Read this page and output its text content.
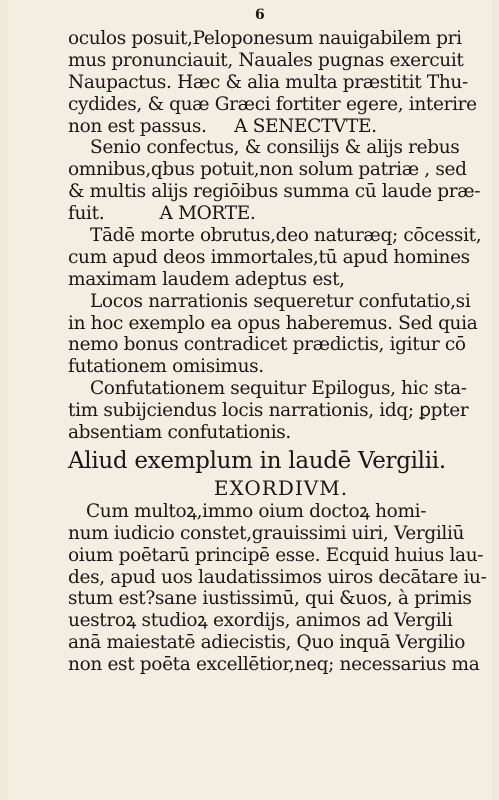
6
oculos posuit,Peloponesum nauigabilem pri
mus pronunciauit, Nauales pugnas exercuit
Naupactus. Hæc & alia multa præstitit Thu-
cydides, & quæ Græci fortiter egere, interire
non est passus.     A SENECTVTE.
Senio confectus, & consilijs & alijs rebus
omnibus,qbus potuit,non solum patriæ , sed
& multis alijs regiōibus summa cū laude præ-
fuit.          A MORTE.
Tādē morte obrutus,deo naturæq; cōcessit,
cum apud deos immortales,tū apud homines
maximam laudem adeptus est,
Locos narrationis sequeretur confutatio,si
in hoc exemplo ea opus haberemus. Sed quia
nemo bonus contradicet prædictis, igitur cō
futationem omisimus.
Confutationem sequitur Epilogus, hic sta-
tim subijciendus locis narrationis, idq; ꝑpter
absentiam confutationis.
Aliud exemplum in laudē Vergilii.
EXORDIVM.
Cum multoꝝ,immo oium doctoꝝ homi-
num iudicio constet,grauissimi uiri, Vergiliū
oium poētarū principē esse. Ecquid huius lau-
des, apud uos laudatissimos uiros decātare iu-
stum est?sane iustissimū, qui &uos, à primis
uestroꝝ studioꝝ exordijs, animos ad Vergili
anā maiestatē adiecistis, Quo inquā Vergilio
non est poēta excellētior,neq; necessarius ma
